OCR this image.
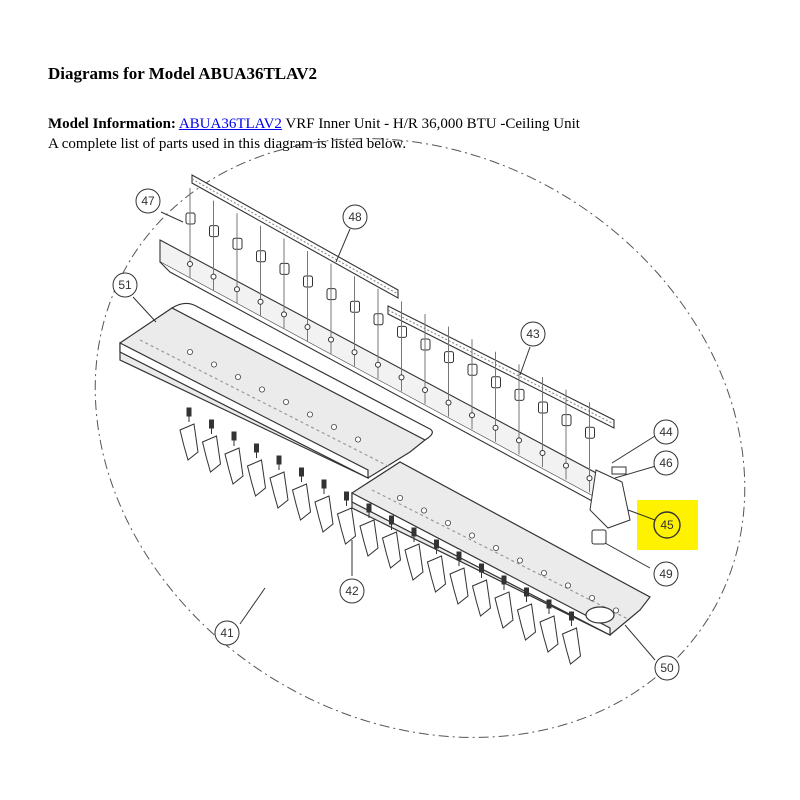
Diagrams for Model ABUA36TLAV2
Model Information: ABUA36TLAV2 VRF Inner Unit - H/R 36,000 BTU -Ceiling Unit
A complete list of parts used in this diagram is listed below.
47
48
51
43
44
46
45
49
42
41
50
